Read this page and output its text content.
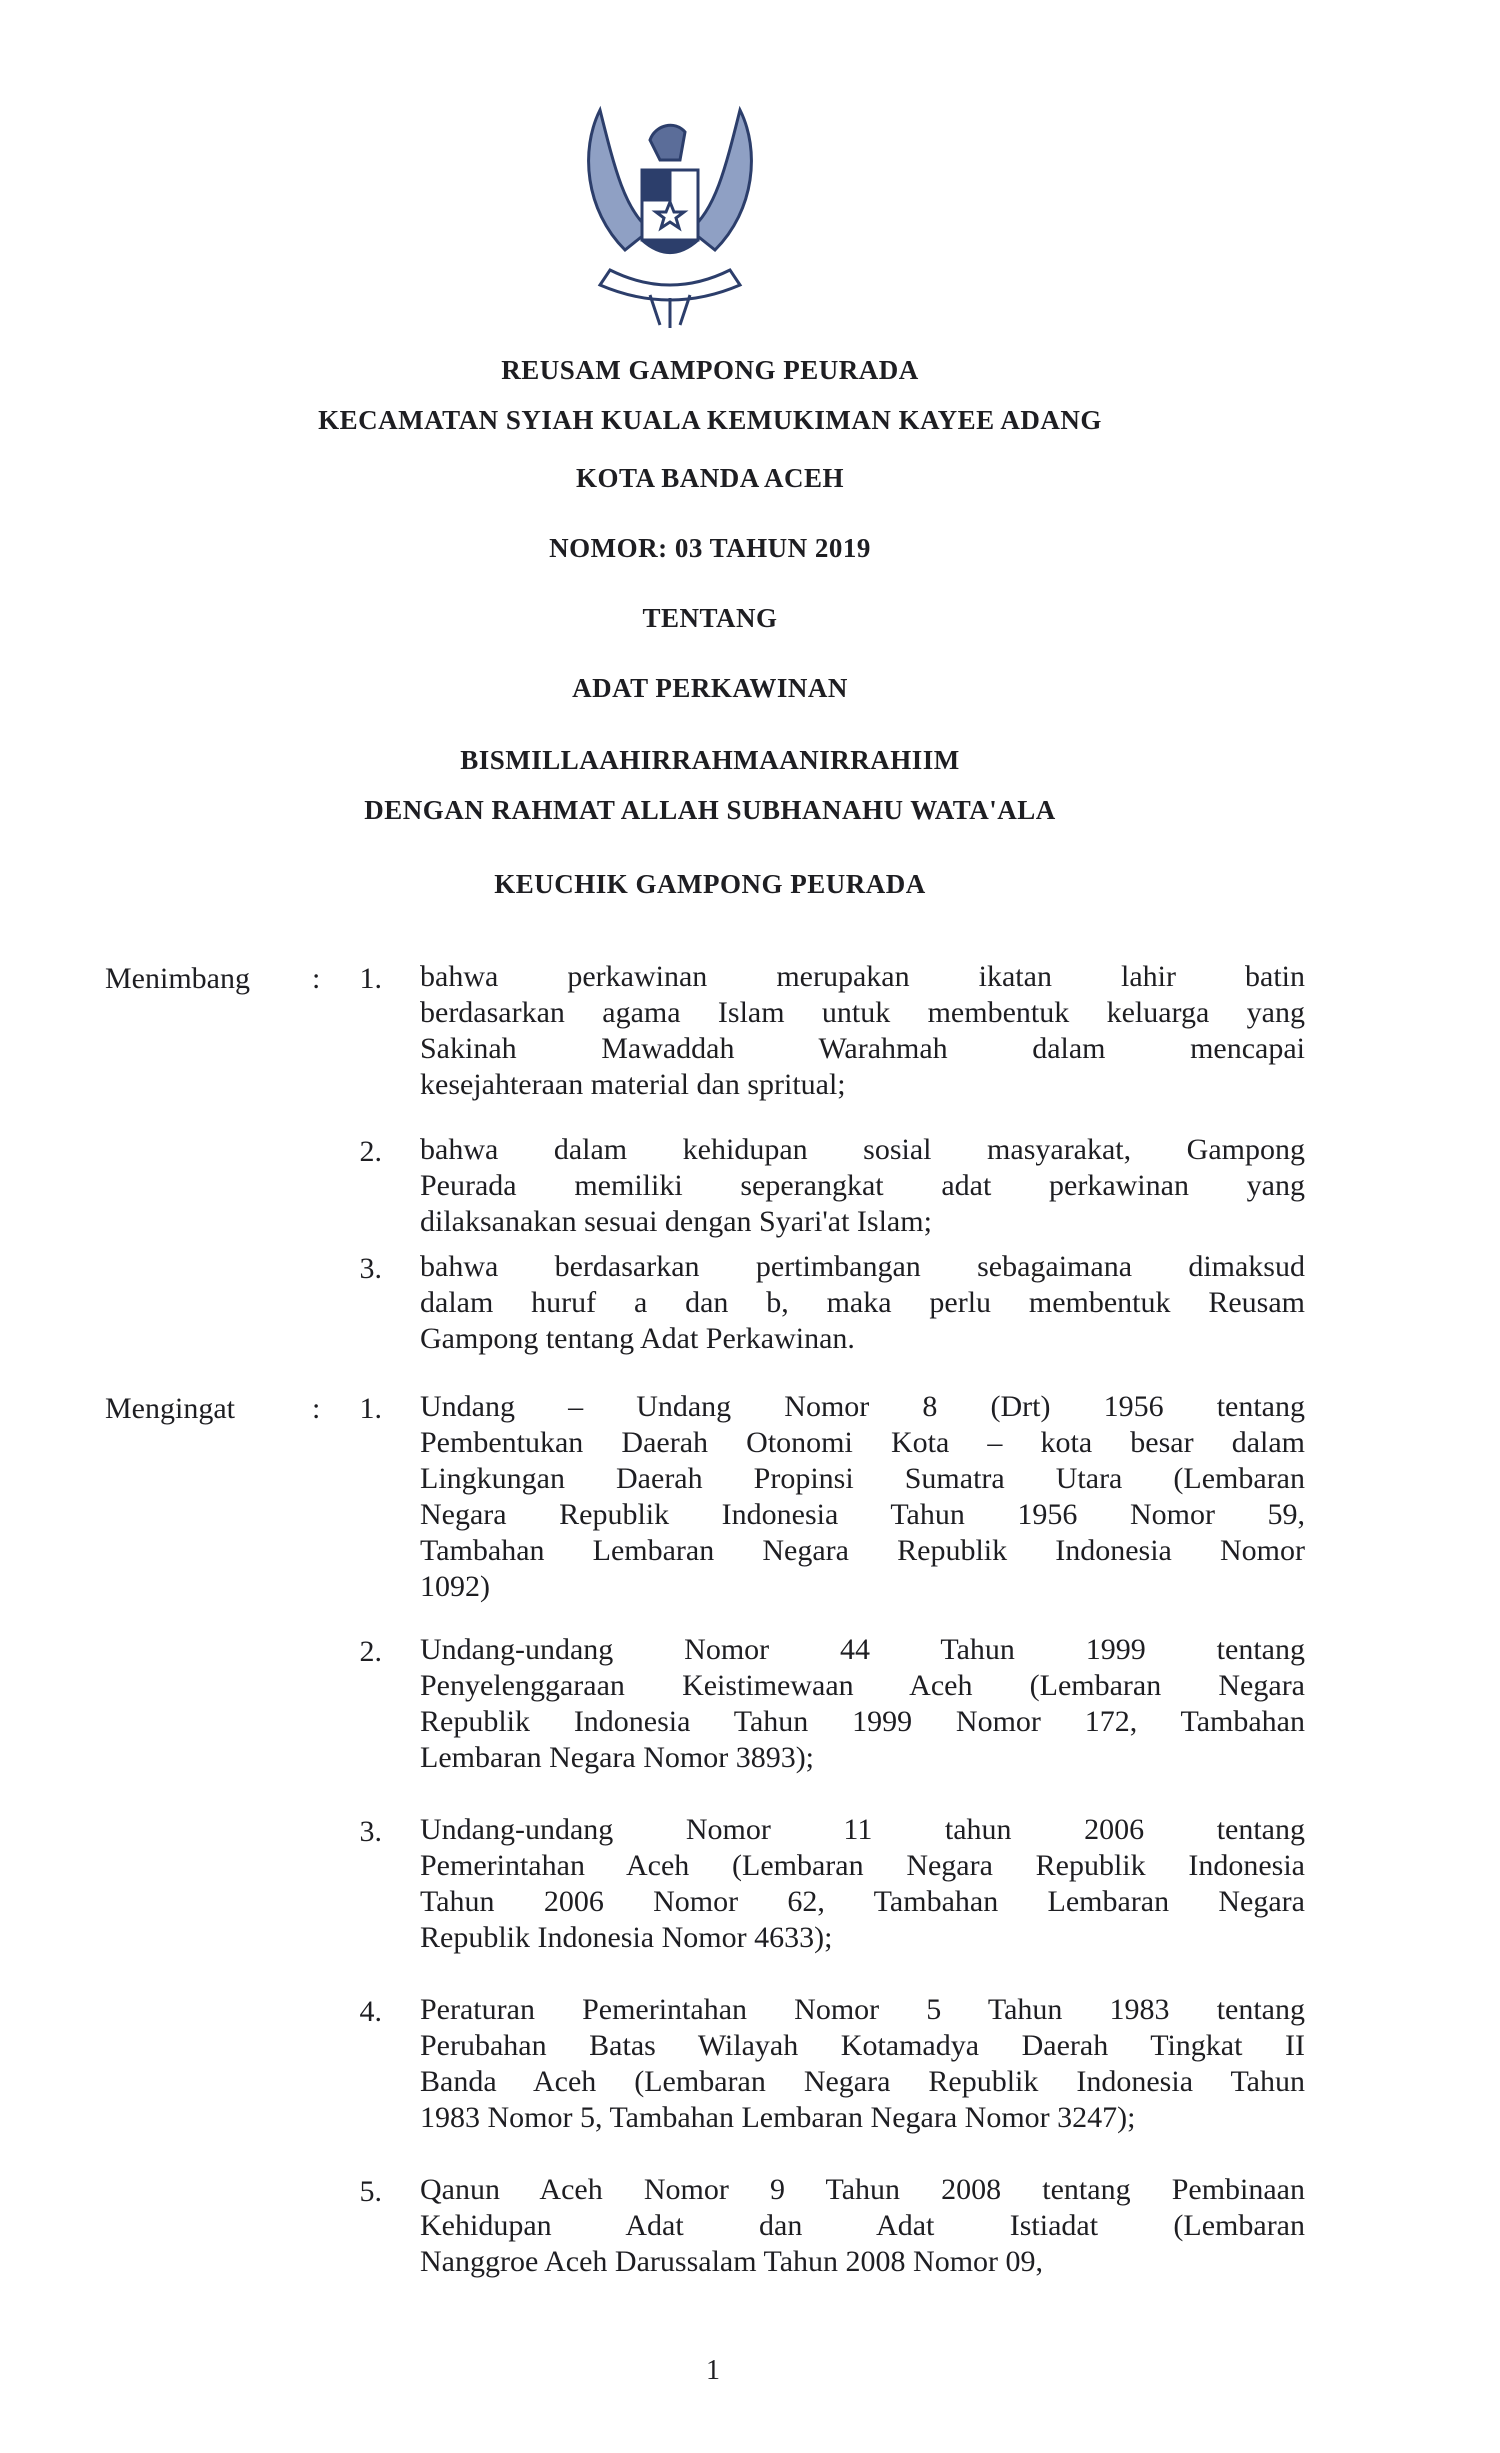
REUSAM GAMPONG PEURADA
KECAMATAN SYIAH KUALA KEMUKIMAN KAYEE ADANG
KOTA BANDA ACEH
NOMOR: 03 TAHUN 2019
TENTANG
ADAT PERKAWINAN
BISMILLAAHIRRAHMAANIRRAHIIM
DENGAN RAHMAT ALLAH SUBHANAHU WATA'ALA
KEUCHIK GAMPONG PEURADA
Menimbang :	1. bahwa perkawinan merupakan ikatan lahir batin
berdasarkan agama Islam untuk membentuk keluarga yang
Sakinah Mawaddah Warahmah dalam mencapai
kesejahteraan material dan spritual;
2. bahwa dalam kehidupan sosial masyarakat, Gampong
Peurada memiliki seperangkat adat perkawinan yang
dilaksanakan sesuai dengan Syari'at Islam;
3. bahwa berdasarkan pertimbangan sebagaimana dimaksud
dalam huruf a dan b, maka perlu membentuk Reusam
Gampong tentang Adat Perkawinan.
Mengingat	:	1. Undang – Undang Nomor 8 (Drt) 1956 tentang
Pembentukan Daerah Otonomi Kota – kota besar dalam
Lingkungan Daerah Propinsi Sumatra Utara (Lembaran
Negara Republik Indonesia Tahun 1956 Nomor 59,
Tambahan Lembaran Negara Republik Indonesia Nomor
1092)
2. Undang-undang Nomor 44 Tahun 1999 tentang
Penyelenggaraan Keistimewaan Aceh (Lembaran Negara
Republik Indonesia Tahun 1999 Nomor 172, Tambahan
Lembaran Negara Nomor 3893);
3. Undang-undang Nomor 11 tahun 2006 tentang
Pemerintahan Aceh (Lembaran Negara Republik Indonesia
Tahun 2006 Nomor 62, Tambahan Lembaran Negara
Republik Indonesia Nomor 4633);
4. Peraturan Pemerintahan Nomor 5 Tahun 1983 tentang
Perubahan Batas Wilayah Kotamadya Daerah Tingkat II
Banda Aceh (Lembaran Negara Republik Indonesia Tahun
1983 Nomor 5, Tambahan Lembaran Negara Nomor 3247);
5. Qanun Aceh Nomor 9 Tahun 2008 tentang Pembinaan
Kehidupan Adat dan Adat Istiadat (Lembaran
Nanggroe Aceh Darussalam Tahun 2008 Nomor 09,
1
